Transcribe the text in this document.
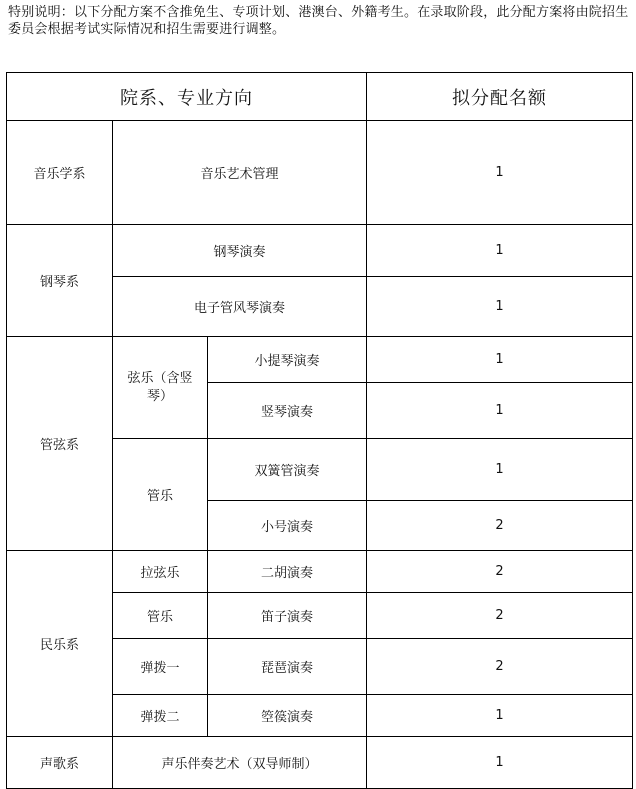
特别说明：以下分配方案不含推免生、专项计划、港澳台、外籍考生。在录取阶段，此分配方案将由院招生委员会根据考试实际情况和招生需要进行调整。
院系、专业方向			拟分配名额
音乐学系	音乐艺术管理		1
钢琴系	钢琴演奏		1
	电子管风琴演奏		1
管弦系	弦乐（含竖琴）	小提琴演奏	1
		竖琴演奏	1
	管乐	双簧管演奏	1
		小号演奏	2
民乐系	拉弦乐	二胡演奏	2
	管乐	笛子演奏	2
	弹拨一	琵琶演奏	2
	弹拨二	箜篌演奏	1
声歌系	声乐伴奏艺术（双导师制）		1
